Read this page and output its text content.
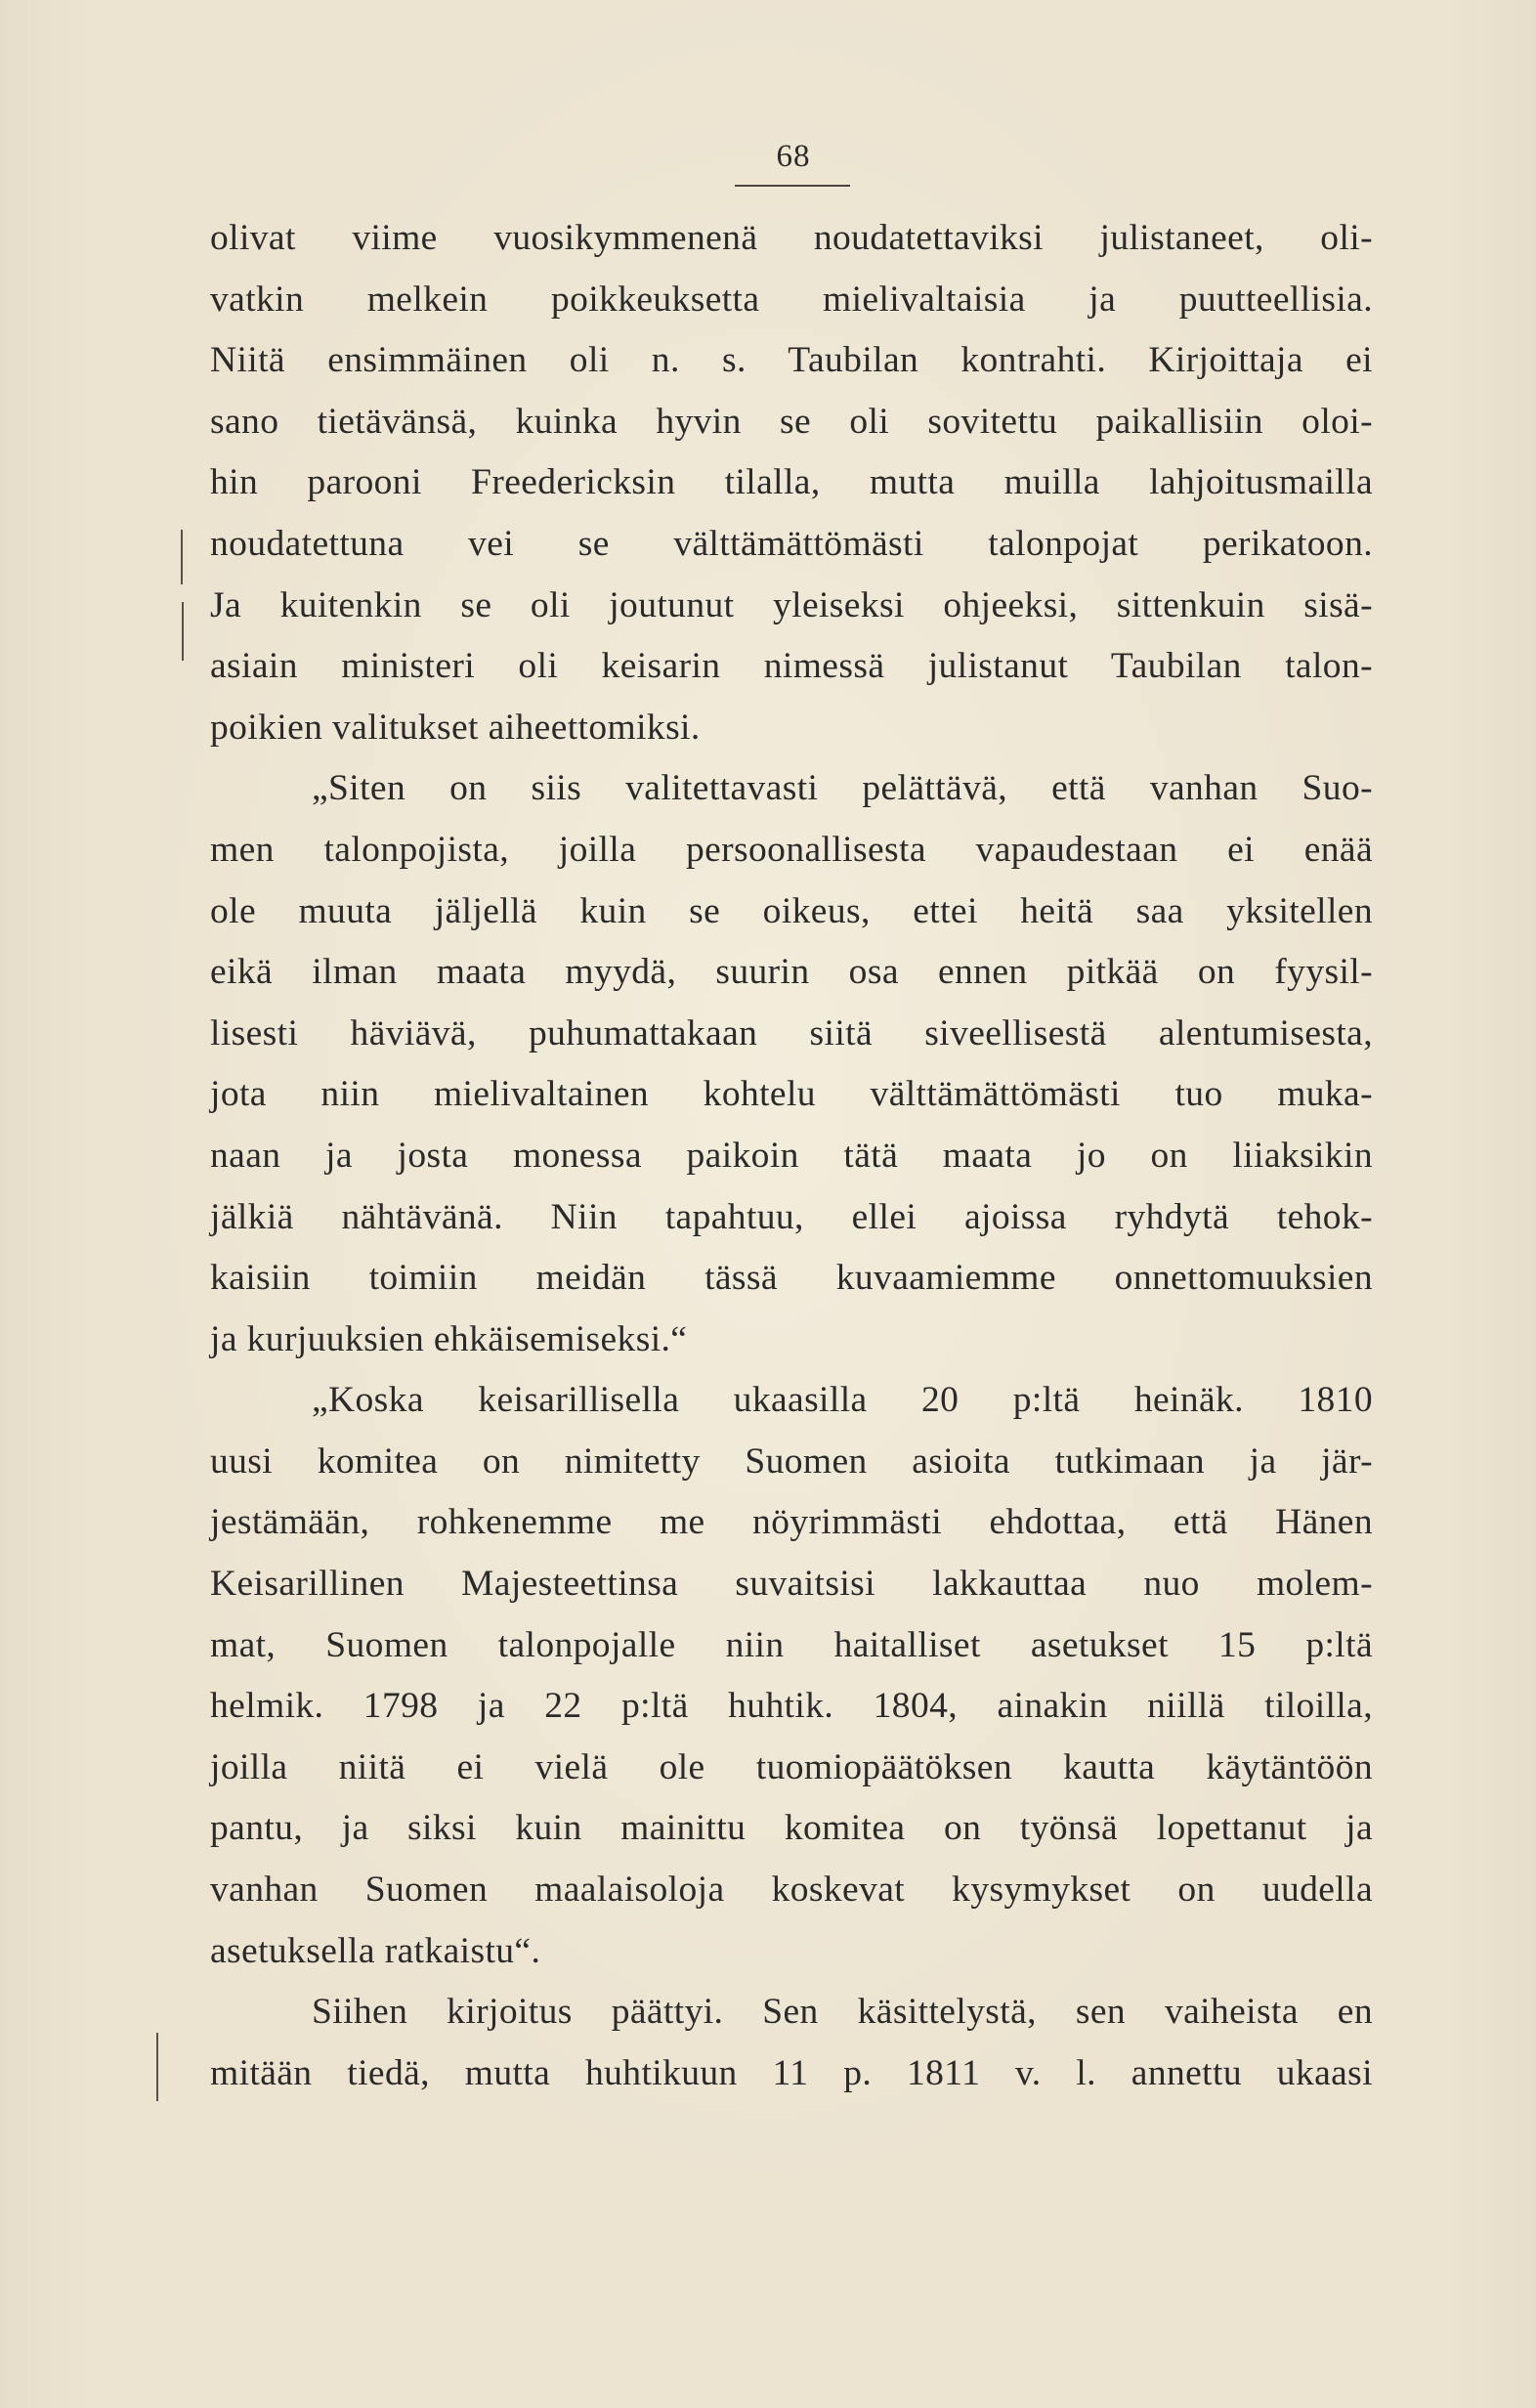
68
olivat viime vuosikymmenenä noudatettaviksi julistaneet, oli-
vatkin melkein poikkeuksetta mielivaltaisia ja puutteellisia.
Niitä ensimmäinen oli n. s. Taubilan kontrahti. Kirjoittaja ei
sano tietävänsä, kuinka hyvin se oli sovitettu paikallisiin oloi-
hin parooni Freedericksin tilalla, mutta muilla lahjoitusmailla
noudatettuna vei se välttämättömästi talonpojat perikatoon.
Ja kuitenkin se oli joutunut yleiseksi ohjeeksi, sittenkuin sisä-
asiain ministeri oli keisarin nimessä julistanut Taubilan talon-
poikien valitukset aiheettomiksi.
„Siten on siis valitettavasti pelättävä, että vanhan Suo-
men talonpojista, joilla persoonallisesta vapaudestaan ei enää
ole muuta jäljellä kuin se oikeus, ettei heitä saa yksitellen
eikä ilman maata myydä, suurin osa ennen pitkää on fyysil-
lisesti häviävä, puhumattakaan siitä siveellisestä alentumisesta,
jota niin mielivaltainen kohtelu välttämättömästi tuo muka-
naan ja josta monessa paikoin tätä maata jo on liiaksikin
jälkiä nähtävänä. Niin tapahtuu, ellei ajoissa ryhdytä tehok-
kaisiin toimiin meidän tässä kuvaamiemme onnettomuuksien
ja kurjuuksien ehkäisemiseksi.“
„Koska keisarillisella ukaasilla 20 p:ltä heinäk. 1810
uusi komitea on nimitetty Suomen asioita tutkimaan ja jär-
jestämään, rohkenemme me nöyrimmästi ehdottaa, että Hänen
Keisarillinen Majesteettinsa suvaitsisi lakkauttaa nuo molem-
mat, Suomen talonpojalle niin haitalliset asetukset 15 p:ltä
helmik. 1798 ja 22 p:ltä huhtik. 1804, ainakin niillä tiloilla,
joilla niitä ei vielä ole tuomiopäätöksen kautta käytäntöön
pantu, ja siksi kuin mainittu komitea on työnsä lopettanut ja
vanhan Suomen maalaisoloja koskevat kysymykset on uudella
asetuksella ratkaistu“.
Siihen kirjoitus päättyi. Sen käsittelystä, sen vaiheista en
mitään tiedä, mutta huhtikuun 11 p. 1811 v. l. annettu ukaasi
